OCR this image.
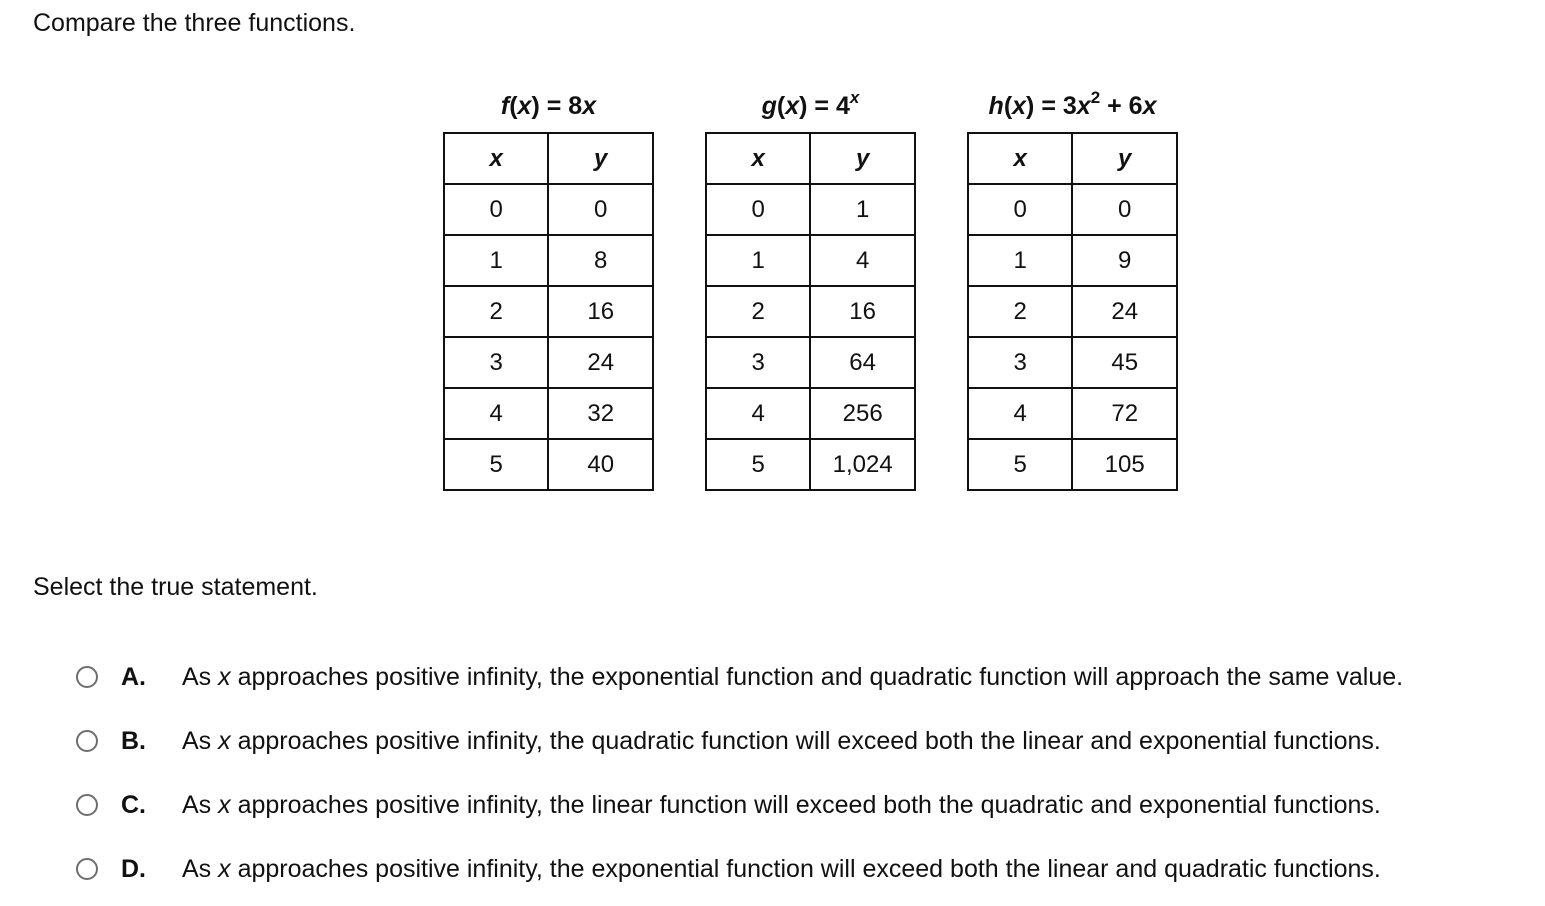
Compare the three functions.

f(x) = 8x
x	y
0	0
1	8
2	16
3	24
4	32
5	40
$g(x) = 4^x$
x	y
0	1
1	4
2	16
3	64
4	256
5	1,024
$h(x) = 3x^2 + 6x$
x	y
0	0
1	9
2	24
3	45
4	72
5	105

Select the true statement.

A. As x approaches positive infinity, the exponential function and quadratic function will approach the same value.
B. As x approaches positive infinity, the quadratic function will exceed both the linear and exponential functions.
C. As x approaches positive infinity, the linear function will exceed both the quadratic and exponential functions.
D. As x approaches positive infinity, the exponential function will exceed both the linear and quadratic functions.
